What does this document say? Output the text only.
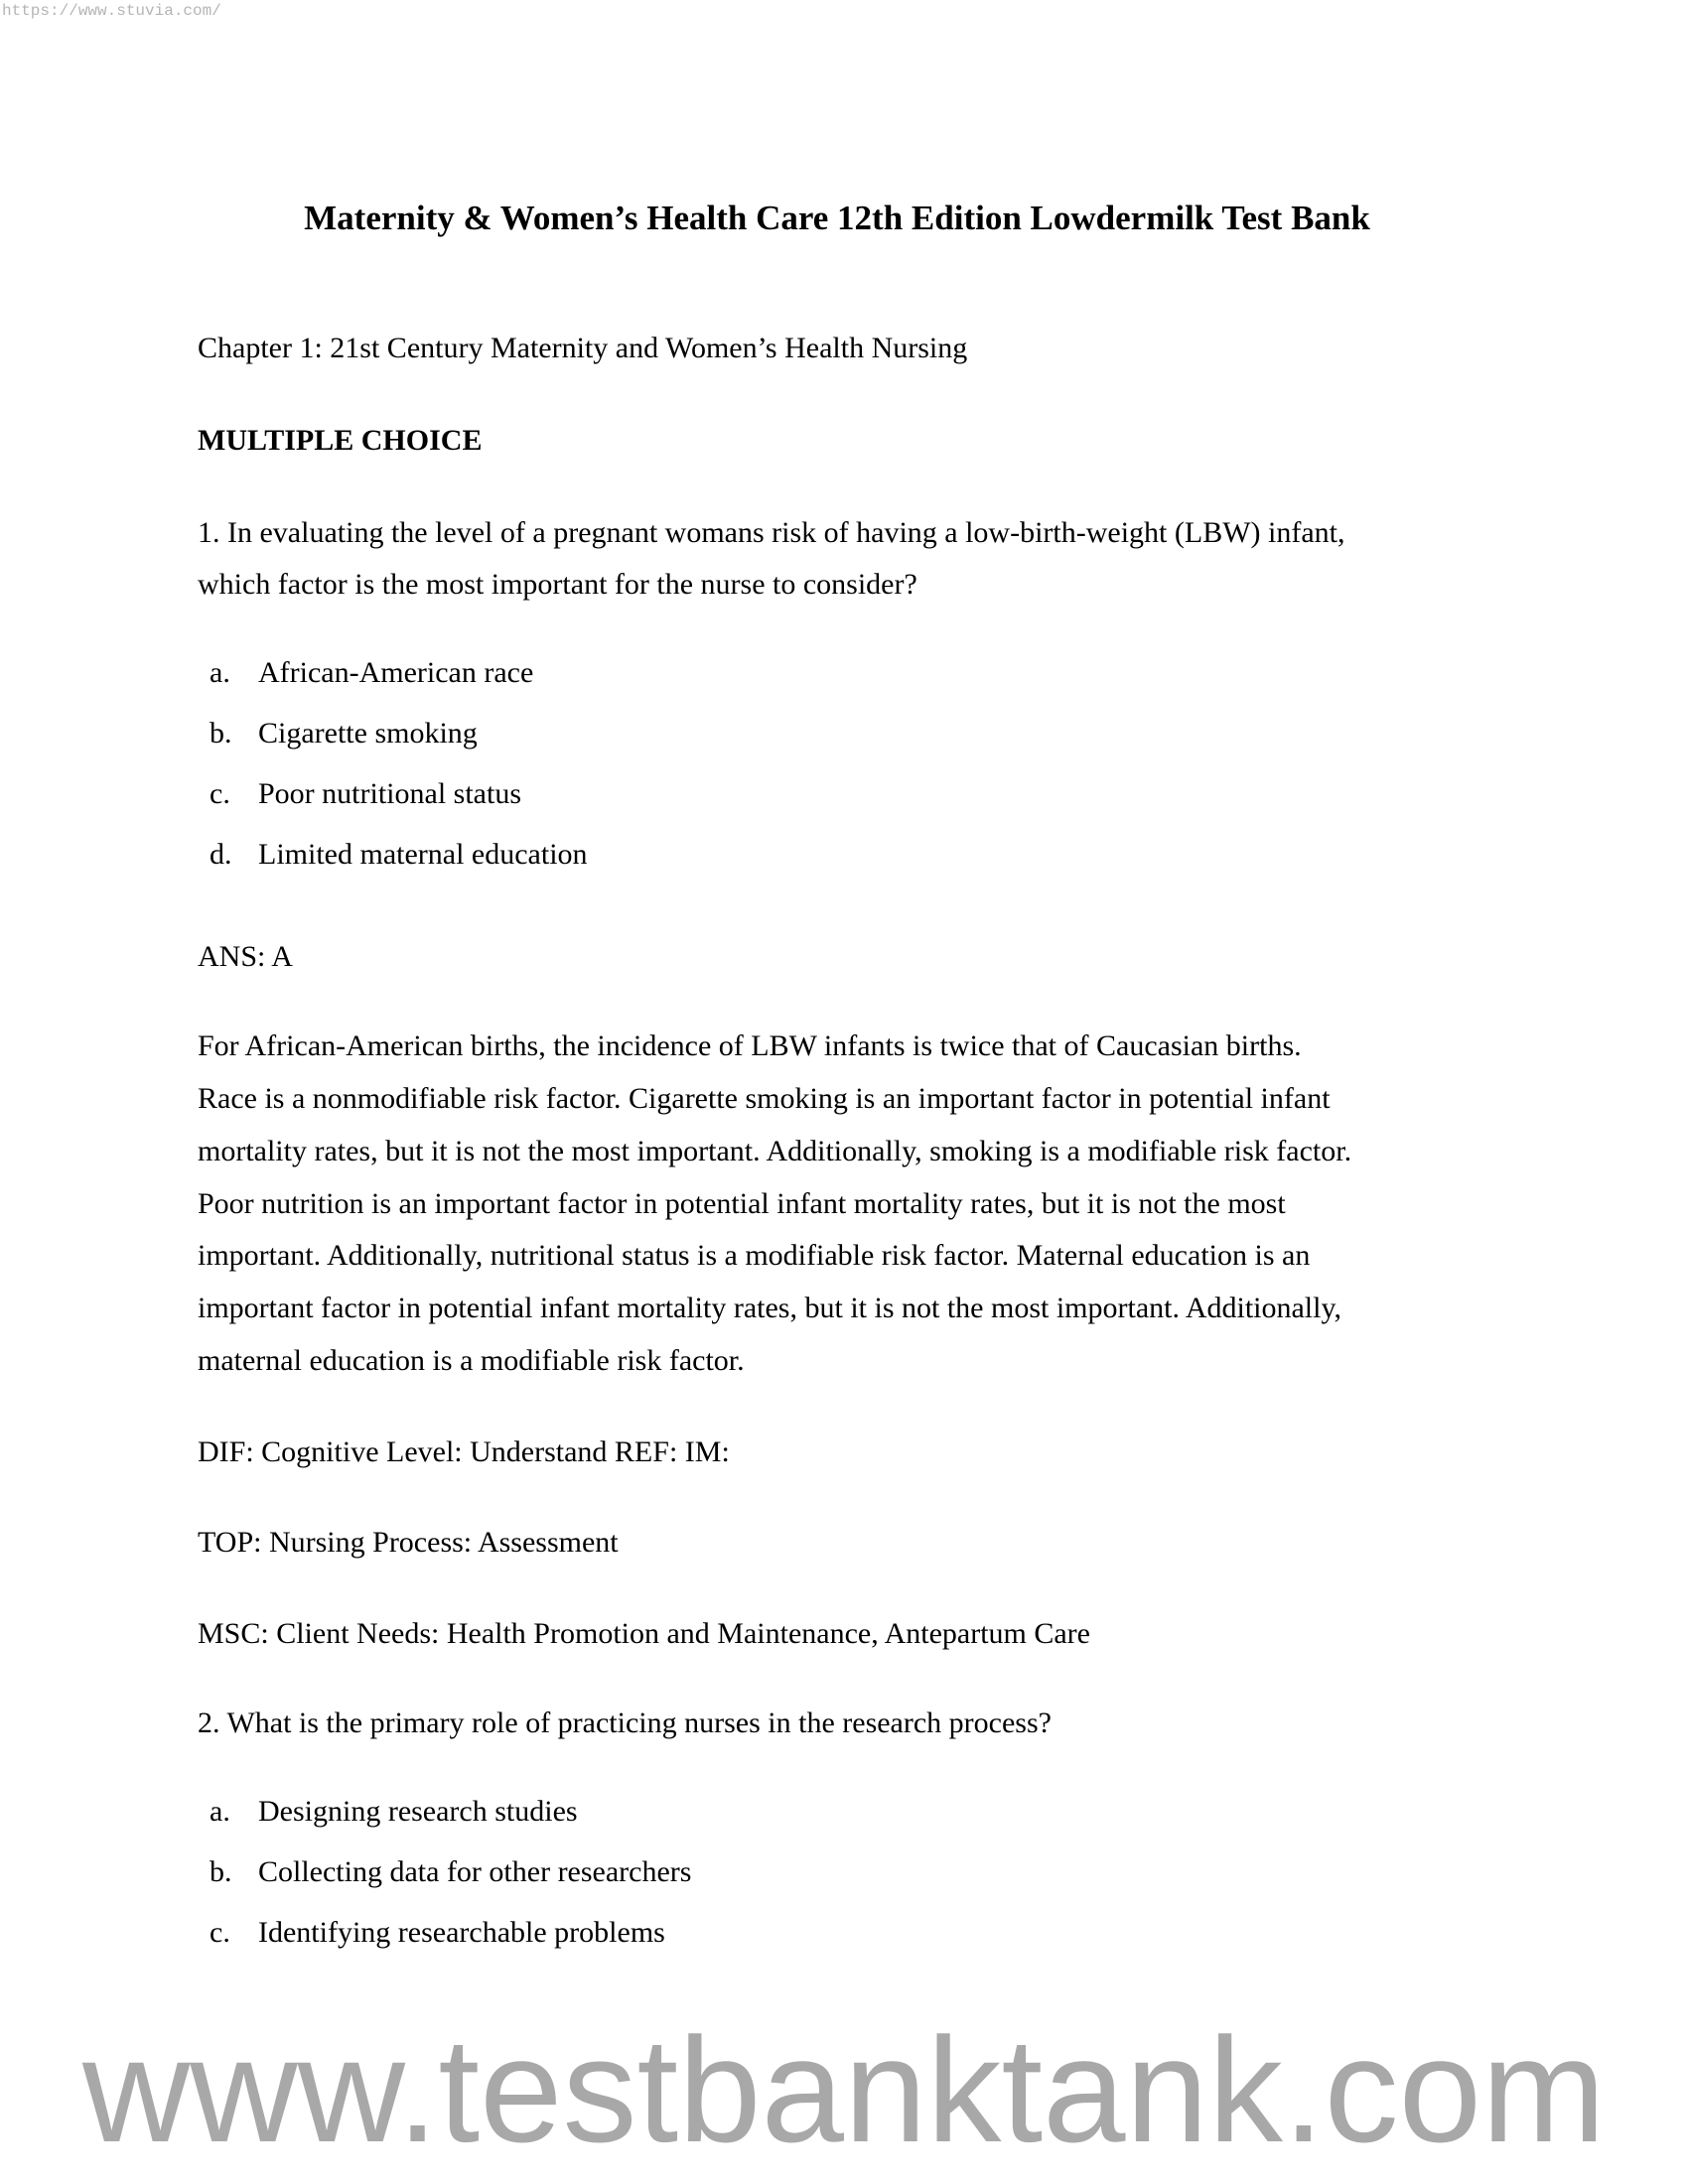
https://www.stuvia.com/
Maternity & Women’s Health Care 12th Edition Lowdermilk Test Bank
Chapter 1: 21st Century Maternity and Women’s Health Nursing
MULTIPLE CHOICE
1. In evaluating the level of a pregnant womans risk of having a low-birth-weight (LBW) infant,
which factor is the most important for the nurse to consider?
a. African-American race
b. Cigarette smoking
c. Poor nutritional status
d. Limited maternal education
ANS: A
For African-American births, the incidence of LBW infants is twice that of Caucasian births.
Race is a nonmodifiable risk factor. Cigarette smoking is an important factor in potential infant
mortality rates, but it is not the most important. Additionally, smoking is a modifiable risk factor.
Poor nutrition is an important factor in potential infant mortality rates, but it is not the most
important. Additionally, nutritional status is a modifiable risk factor. Maternal education is an
important factor in potential infant mortality rates, but it is not the most important. Additionally,
maternal education is a modifiable risk factor.
DIF: Cognitive Level: Understand REF: IM:
TOP: Nursing Process: Assessment
MSC: Client Needs: Health Promotion and Maintenance, Antepartum Care
2. What is the primary role of practicing nurses in the research process?
a. Designing research studies
b. Collecting data for other researchers
c. Identifying researchable problems
www.testbanktank.com
